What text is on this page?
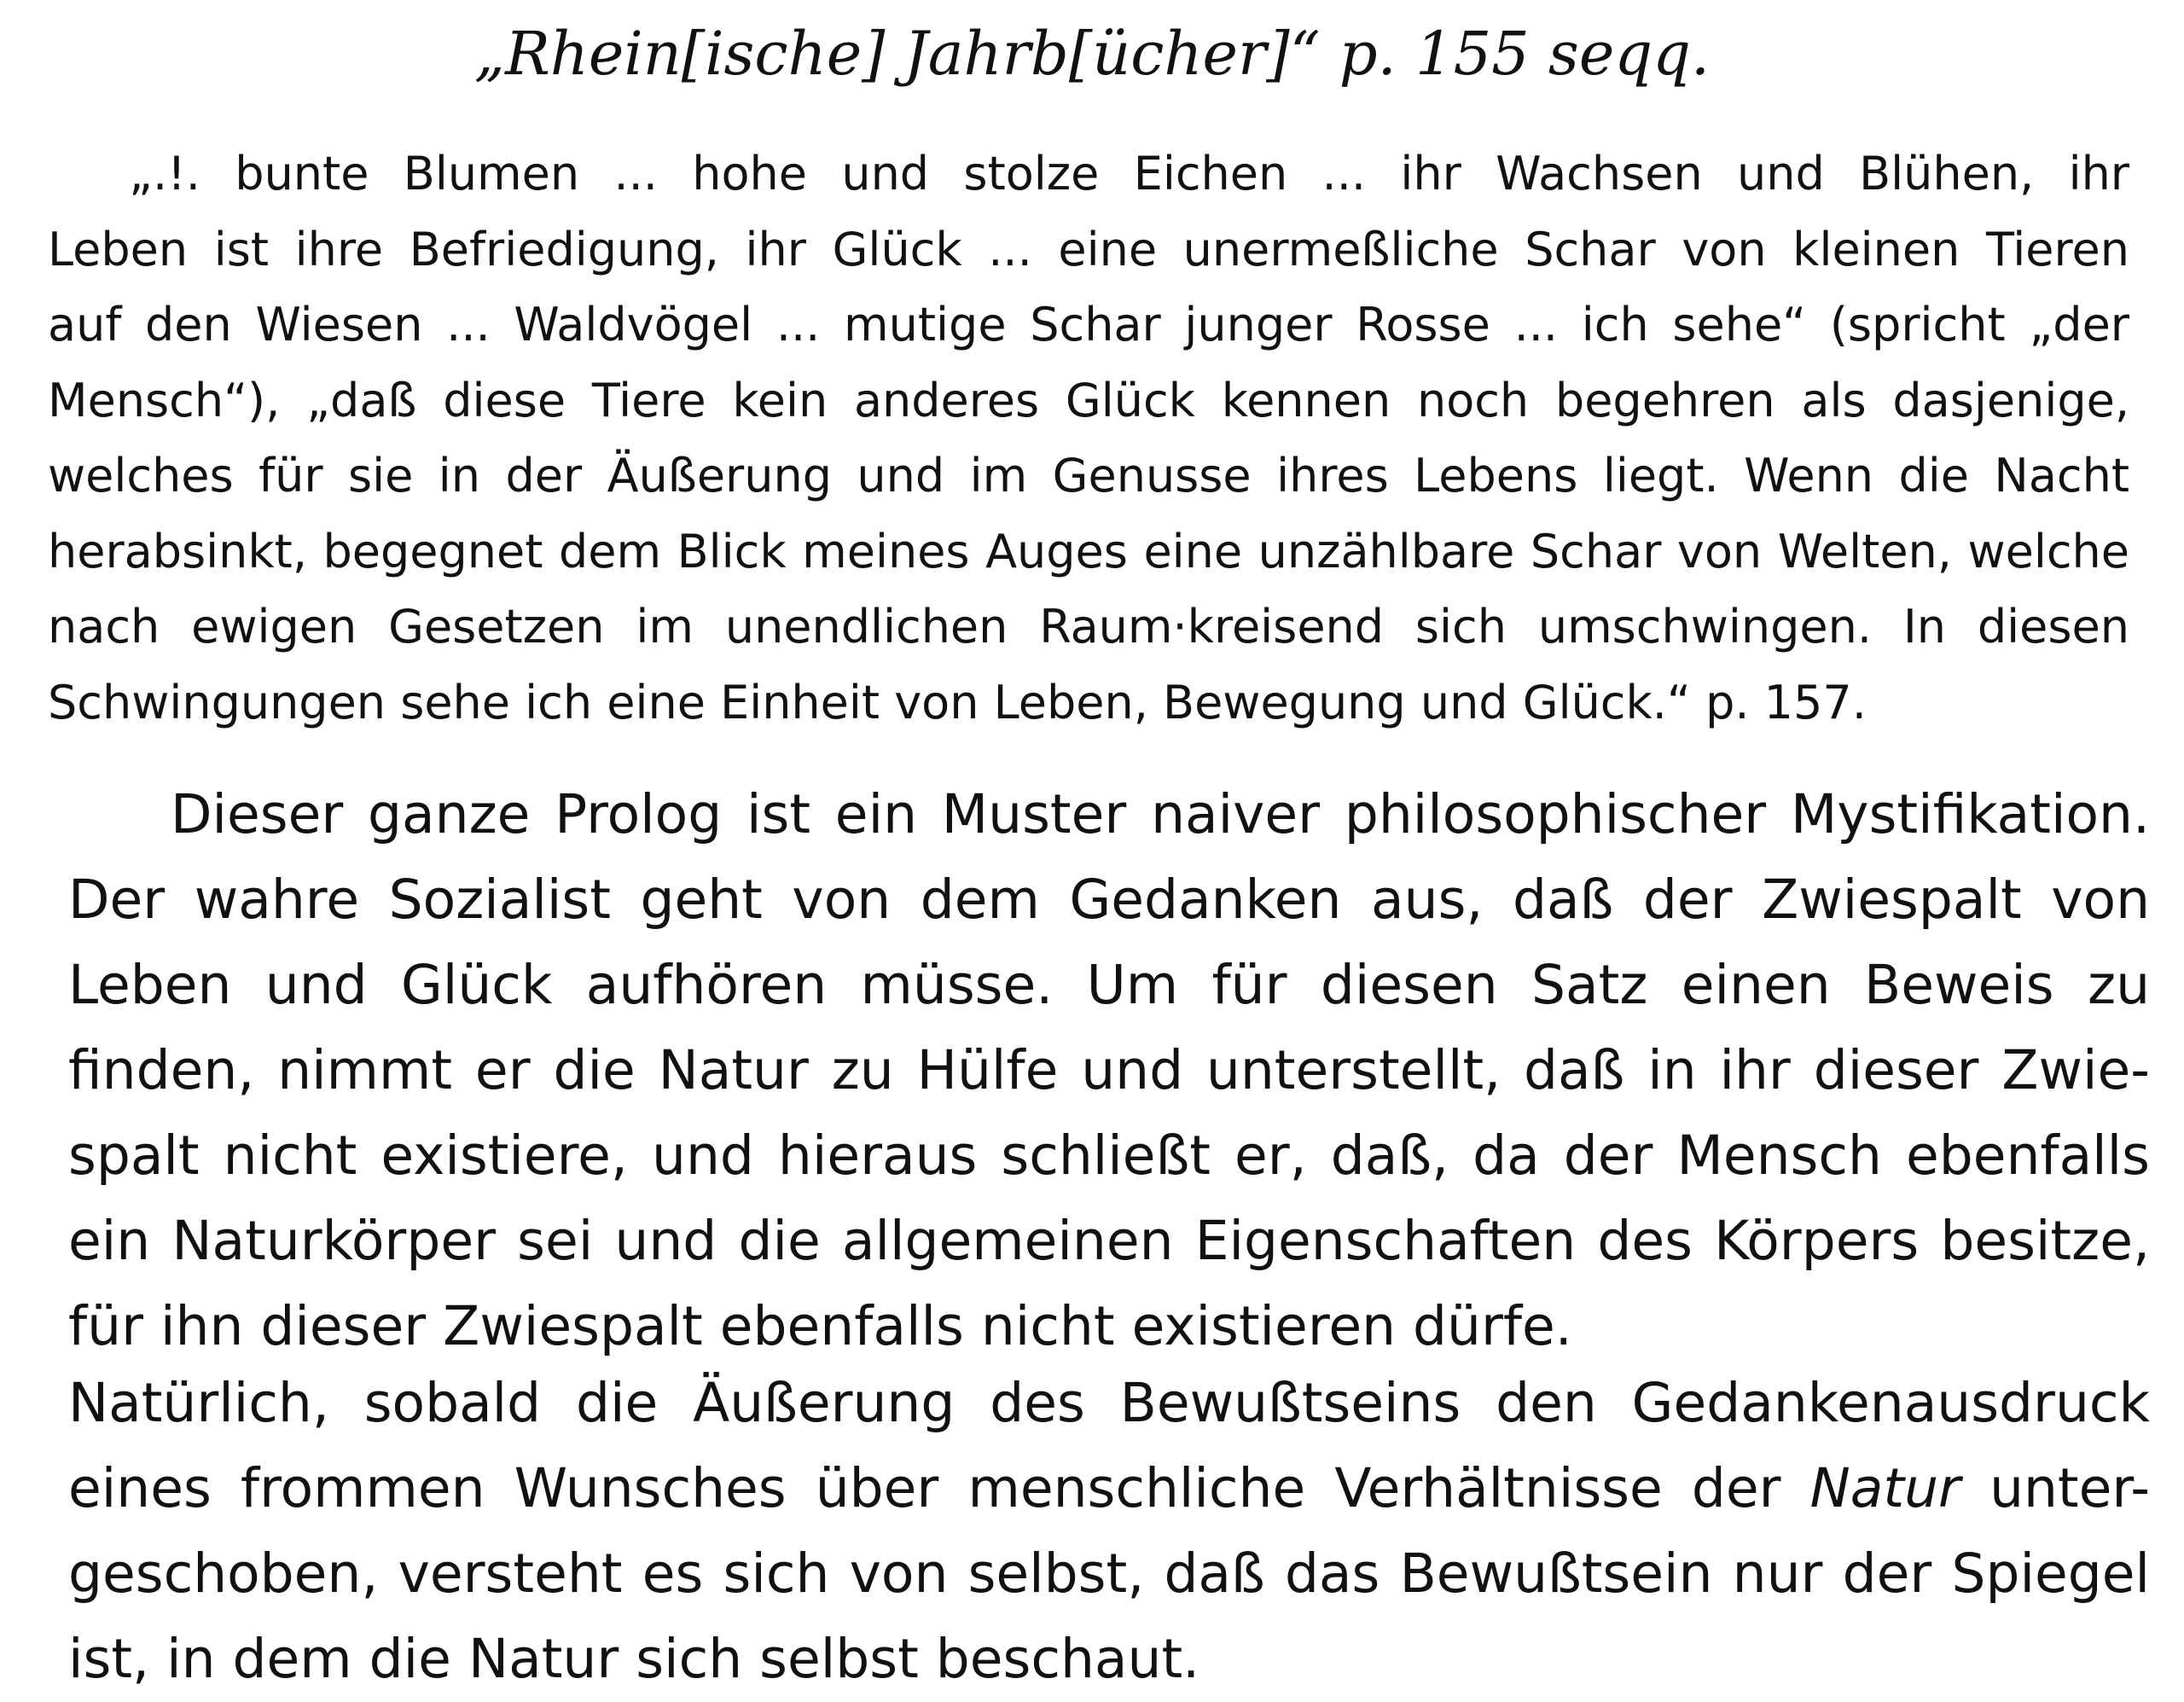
„Rhein[ische] Jahrb[ücher]“ p. 155 seqq.
„.!. bunte Blumen ... hohe und stolze Eichen ... ihr Wachsen und Blühen, ihr
Leben ist ihre Befriedigung, ihr Glück ... eine unermeßliche Schar von kleinen Tieren
auf den Wiesen ... Waldvögel ... mutige Schar junger Rosse ... ich sehe“ (spricht „der
Mensch“), „daß diese Tiere kein anderes Glück kennen noch begehren als dasjenige,
welches für sie in der Äußerung und im Genusse ihres Lebens liegt. Wenn die Nacht
herabsinkt, begegnet dem Blick meines Auges eine unzählbare Schar von Welten, welche
nach ewigen Gesetzen im unendlichen Raum·kreisend sich umschwingen. In diesen
Schwingungen sehe ich eine Einheit von Leben, Bewegung und Glück.“ p. 157.
Dieser ganze Prolog ist ein Muster naiver philosophischer Mystifikation.
Der wahre Sozialist geht von dem Gedanken aus, daß der Zwiespalt von
Leben und Glück aufhören müsse. Um für diesen Satz einen Beweis zu
finden, nimmt er die Natur zu Hülfe und unterstellt, daß in ihr dieser Zwie-
spalt nicht existiere, und hieraus schließt er, daß, da der Mensch ebenfalls
ein Naturkörper sei und die allgemeinen Eigenschaften des Körpers besitze,
für ihn dieser Zwiespalt ebenfalls nicht existieren dürfe.
Natürlich, sobald die Äußerung des Bewußtseins den Gedankenausdruck
eines frommen Wunsches über menschliche Verhältnisse der Natur unter-
geschoben, versteht es sich von selbst, daß das Bewußtsein nur der Spiegel
ist, in dem die Natur sich selbst beschaut.
